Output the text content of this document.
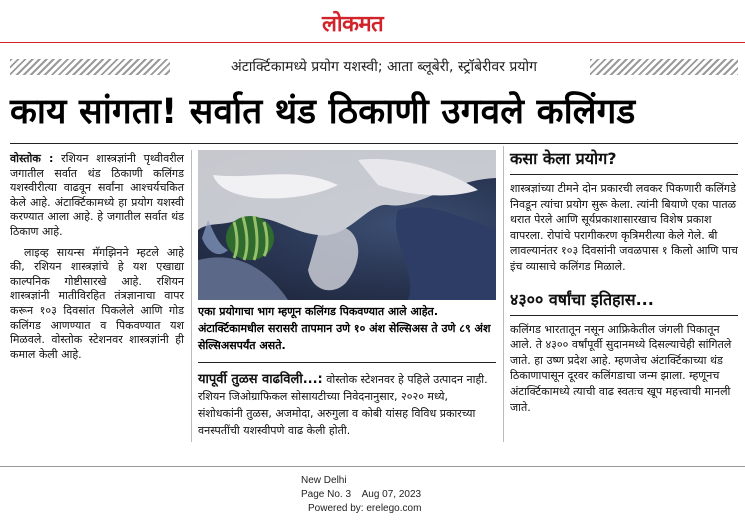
लोकमत
अंटार्क्टिकामध्ये प्रयोग यशस्वी; आता ब्लूबेरी, स्ट्रॉबेरीवर प्रयोग
काय सांगता! सर्वात थंड ठिकाणी उगवले कलिंगड

वोस्तोक : रशियन शास्त्रज्ञांनी पृथ्वीवरील जगातील सर्वात थंड ठिकाणी कलिंगड यशस्वीरीत्या वाढवून सर्वांना आश्चर्यचकित केले आहे. अंटार्क्टिकामध्ये हा प्रयोग यशस्वी करण्यात आला आहे. हे जगातील सर्वात थंड ठिकाण आहे.

लाइव्ह सायन्स मॅगझिनने म्हटले आहे की, रशियन शास्त्रज्ञांचे हे यश एखाद्या काल्पनिक गोष्टीसारखे आहे. रशियन शास्त्रज्ञांनी मातीविरहित तंत्रज्ञानाचा वापर करून १०३ दिवसांत पिकलेले आणि गोड कलिंगड आणण्यात व पिकवण्यात यश मिळवले. वोस्तोक स्टेशनवर शास्त्रज्ञांनी ही कमाल केली आहे.

एका प्रयोगाचा भाग म्हणून कलिंगड पिकवण्यात आले आहेत. अंटार्क्टिकामधील सरासरी तापमान उणे १० अंश सेल्सिअस ते उणे ८९ अंश सेल्सिअसपर्यंत असते.
यापूर्वी तुळस वाढविली...: वोस्तोक स्टेशनवर हे पहिले उत्पादन नाही. रशियन जिओग्राफिकल सोसायटीच्या निवेदनानुसार, २०२० मध्ये, संशोधकांनी तुळस, अजमोदा, अरुगुला व कोबी यांसह विविध प्रकारच्या वनस्पतींची यशस्वीपणे वाढ केली होती.
कसा केला प्रयोग?
शास्त्रज्ञांच्या टीमने दोन प्रकारची लवकर पिकणारी कलिंगडे निवडून त्यांचा प्रयोग सुरू केला. त्यांनी बियाणे एका पातळ थरात पेरले आणि सूर्यप्रकाशासारखाच विशेष प्रकाश वापरला. रोपांचे परागीकरण कृत्रिमरीत्या केले गेले. बी लावल्यानंतर १०३ दिवसांनी जवळपास १ किलो आणि पाच इंच व्यासाचे कलिंगड मिळाले.
४३०० वर्षांचा इतिहास...
कलिंगड भारतातून नसून आफ्रिकेतील जंगली पिकातून आले. ते ४३०० वर्षांपूर्वी सुदानमध्ये दिसल्याचेही सांगितले जाते. हा उष्ण प्रदेश आहे. म्हणजेच अंटार्क्टिकाच्या थंड ठिकाणापासून दूरवर कलिंगडाचा जन्म झाला. म्हणूनच अंटार्क्टिकामध्ये त्याची वाढ स्वतःच खूप महत्त्वाची मानली जाते.
New Delhi
Page No. 3 Aug 07, 2023
Powered by: erelego.com
